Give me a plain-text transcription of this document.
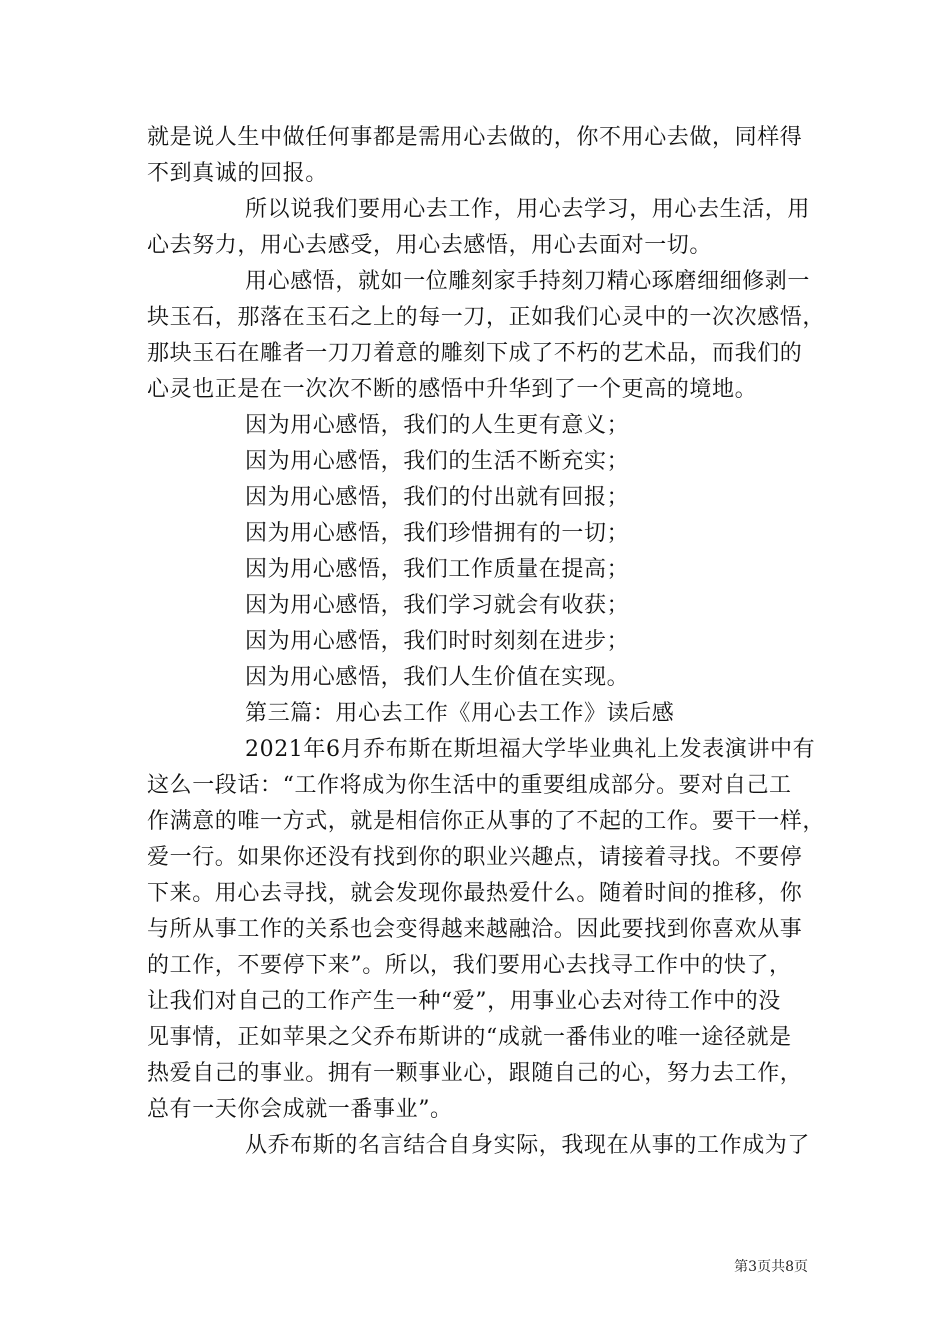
就是说人生中做任何事都是需用心去做的，你不用心去做，同样得
不到真诚的回报。
所以说我们要用心去工作，用心去学习，用心去生活，用
心去努力，用心去感受，用心去感悟，用心去面对一切。
用心感悟，就如一位雕刻家手持刻刀精心琢磨细细修剥一
块玉石，那落在玉石之上的每一刀，正如我们心灵中的一次次感悟，
那块玉石在雕者一刀刀着意的雕刻下成了不朽的艺术品，而我们的
心灵也正是在一次次不断的感悟中升华到了一个更高的境地。
因为用心感悟，我们的人生更有意义；
因为用心感悟，我们的生活不断充实；
因为用心感悟，我们的付出就有回报；
因为用心感悟，我们珍惜拥有的一切；
因为用心感悟，我们工作质量在提高；
因为用心感悟，我们学习就会有收获；
因为用心感悟，我们时时刻刻在进步；
因为用心感悟，我们人生价值在实现。
第三篇：用心去工作《用心去工作》读后感
2021年6月乔布斯在斯坦福大学毕业典礼上发表演讲中有
这么一段话：“工作将成为你生活中的重要组成部分。要对自己工
作满意的唯一方式，就是相信你正从事的了不起的工作。要干一样，
爱一行。如果你还没有找到你的职业兴趣点，请接着寻找。不要停
下来。用心去寻找，就会发现你最热爱什么。随着时间的推移，你
与所从事工作的关系也会变得越来越融洽。因此要找到你喜欢从事
的工作，不要停下来”。所以，我们要用心去找寻工作中的快了，
让我们对自己的工作产生一种“爱”，用事业心去对待工作中的没
见事情，正如苹果之父乔布斯讲的“成就一番伟业的唯一途径就是
热爱自己的事业。拥有一颗事业心，跟随自己的心，努力去工作，
总有一天你会成就一番事业”。
从乔布斯的名言结合自身实际，我现在从事的工作成为了
第3页共8页
